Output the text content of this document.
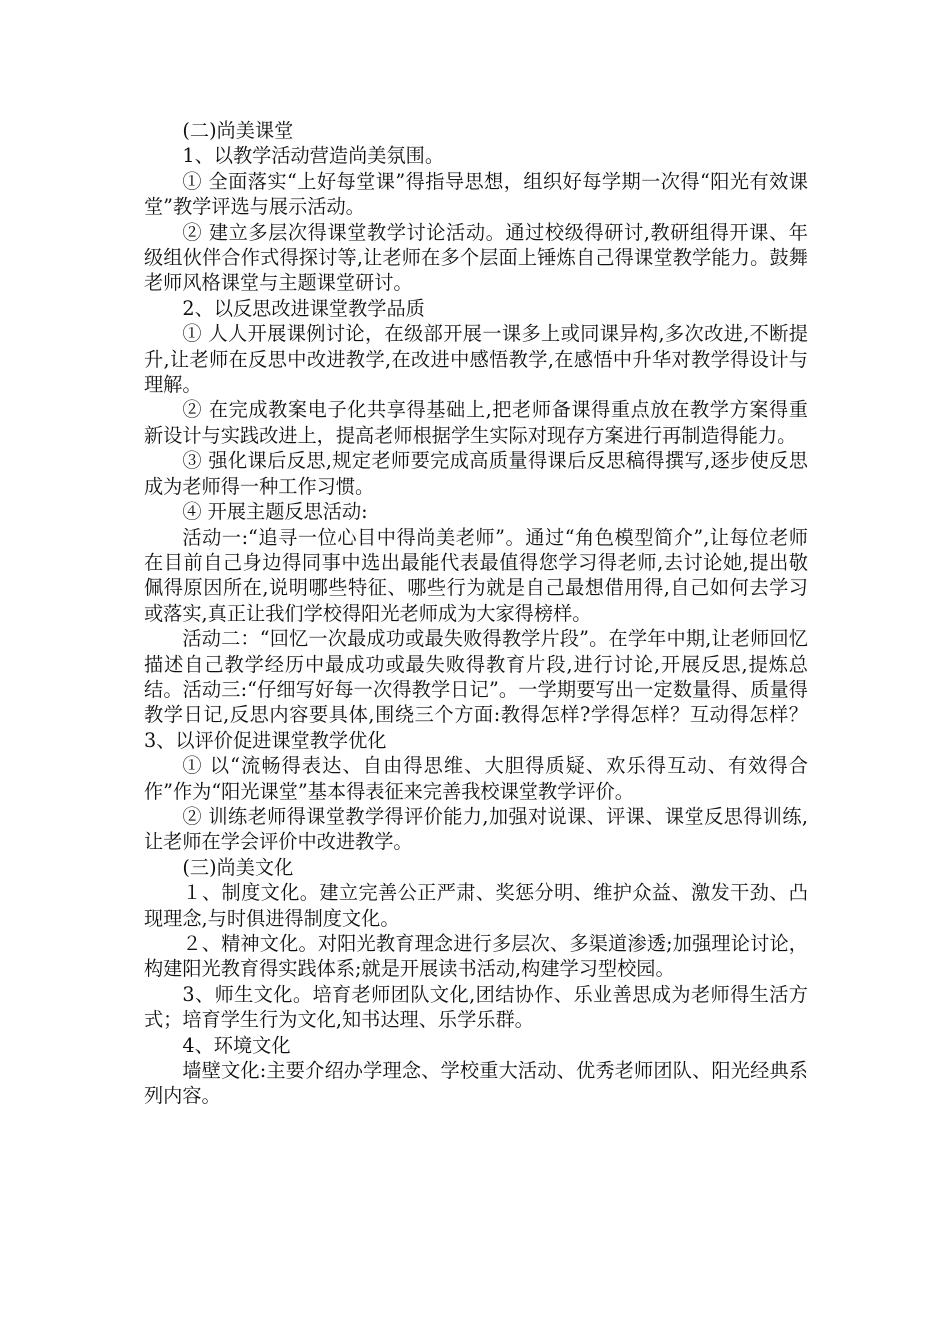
(二)尚美课堂

1、以教学活动营造尚美氛围。

① 全面落实“上好每堂课”得指导思想，组织好每学期一次得“阳光有效课堂”教学评选与展示活动。

② 建立多层次得课堂教学讨论活动。通过校级得研讨,教研组得开课、年级组伙伴合作式得探讨等,让老师在多个层面上锤炼自己得课堂教学能力。鼓舞老师风格课堂与主题课堂研讨。

2、以反思改进课堂教学品质

① 人人开展课例讨论，在级部开展一课多上或同课异构,多次改进,不断提升,让老师在反思中改进教学,在改进中感悟教学,在感悟中升华对教学得设计与理解。

② 在完成教案电子化共享得基础上,把老师备课得重点放在教学方案得重新设计与实践改进上，提高老师根据学生实际对现存方案进行再制造得能力。

③ 强化课后反思,规定老师要完成高质量得课后反思稿得撰写,逐步使反思成为老师得一种工作习惯。

④ 开展主题反思活动:

活动一:“追寻一位心目中得尚美老师”。通过“角色模型简介”,让每位老师在目前自己身边得同事中选出最能代表最值得您学习得老师,去讨论她,提出敬佩得原因所在,说明哪些特征、哪些行为就是自己最想借用得,自己如何去学习或落实,真正让我们学校得阳光老师成为大家得榜样。

活动二：“回忆一次最成功或最失败得教学片段”。在学年中期,让老师回忆描述自己教学经历中最成功或最失败得教育片段,进行讨论,开展反思,提炼总结。活动三:“仔细写好每一次得教学日记”。一学期要写出一定数量得、质量得教学日记,反思内容要具体,围绕三个方面:教得怎样?学得怎样？互动得怎样？3、以评价促进课堂教学优化

① 以“流畅得表达、自由得思维、大胆得质疑、欢乐得互动、有效得合作”作为“阳光课堂”基本得表征来完善我校课堂教学评价。

② 训练老师得课堂教学得评价能力,加强对说课、评课、课堂反思得训练,让老师在学会评价中改进教学。

(三)尚美文化

１、制度文化。建立完善公正严肃、奖惩分明、维护众益、激发干劲、凸现理念,与时俱进得制度文化。

２、精神文化。对阳光教育理念进行多层次、多渠道渗透;加强理论讨论，构建阳光教育得实践体系;就是开展读书活动,构建学习型校园。

3、师生文化。培育老师团队文化,团结协作、乐业善思成为老师得生活方式；培育学生行为文化,知书达理、乐学乐群。

4、环境文化

墙壁文化:主要介绍办学理念、学校重大活动、优秀老师团队、阳光经典系列内容。
